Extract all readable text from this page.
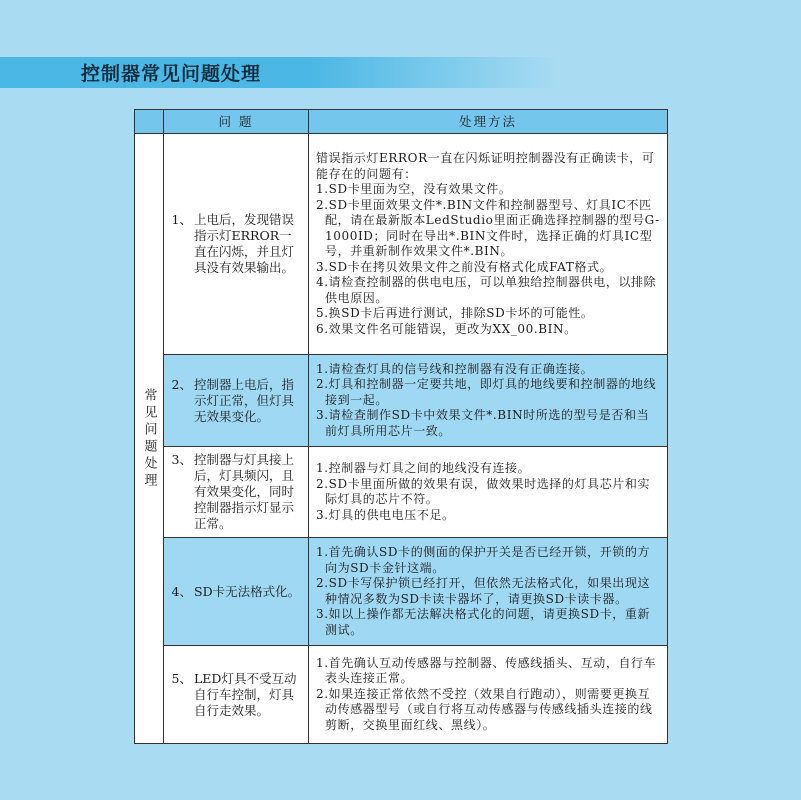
控制器常见问题处理
问 题	处理方法
常见问题处理
1、 上电后，发现错误指示灯ERROR一直在闪烁，并且灯具没有效果输出。
错误指示灯ERROR一直在闪烁证明控制器没有正确读卡，可能存在的问题有：
1.SD卡里面为空，没有效果文件。
2.SD卡里面效果文件*.BIN文件和控制器型号、灯具IC不匹配，请在最新版本LedStudio里面正确选择控制器的型号G-1000ID；同时在导出*.BIN文件时，选择正确的灯具IC型号，并重新制作效果文件*.BIN。
3.SD卡在拷贝效果文件之前没有格式化成FAT格式。
4.请检查控制器的供电电压，可以单独给控制器供电，以排除供电原因。
5.换SD卡后再进行测试，排除SD卡坏的可能性。
6.效果文件名可能错误，更改为XX_00.BIN。
2、 控制器上电后，指示灯正常，但灯具无效果变化。
1.请检查灯具的信号线和控制器有没有正确连接。
2.灯具和控制器一定要共地，即灯具的地线要和控制器的地线接到一起。
3.请检查制作SD卡中效果文件*.BIN时所选的型号是否和当前灯具所用芯片一致。
3、 控制器与灯具接上后，灯具频闪，且有效果变化，同时控制器指示灯显示正常。
1.控制器与灯具之间的地线没有连接。
2.SD卡里面所做的效果有误，做效果时选择的灯具芯片和实际灯具的芯片不符。
3.灯具的供电电压不足。
4、 SD卡无法格式化。
1.首先确认SD卡的侧面的保护开关是否已经开锁，开锁的方向为SD卡金针这端。
2.SD卡写保护锁已经打开，但依然无法格式化，如果出现这种情况多数为SD卡读卡器坏了，请更换SD卡读卡器。
3.如以上操作都无法解决格式化的问题，请更换SD卡，重新测试。
5、 LED灯具不受互动自行车控制，灯具自行走效果。
1.首先确认互动传感器与控制器、传感线插头、互动，自行车表头连接正常。
2.如果连接正常依然不受控（效果自行跑动），则需要更换互动传感器型号（或自行将互动传感器与传感线插头连接的线剪断，交换里面红线、黑线）。
